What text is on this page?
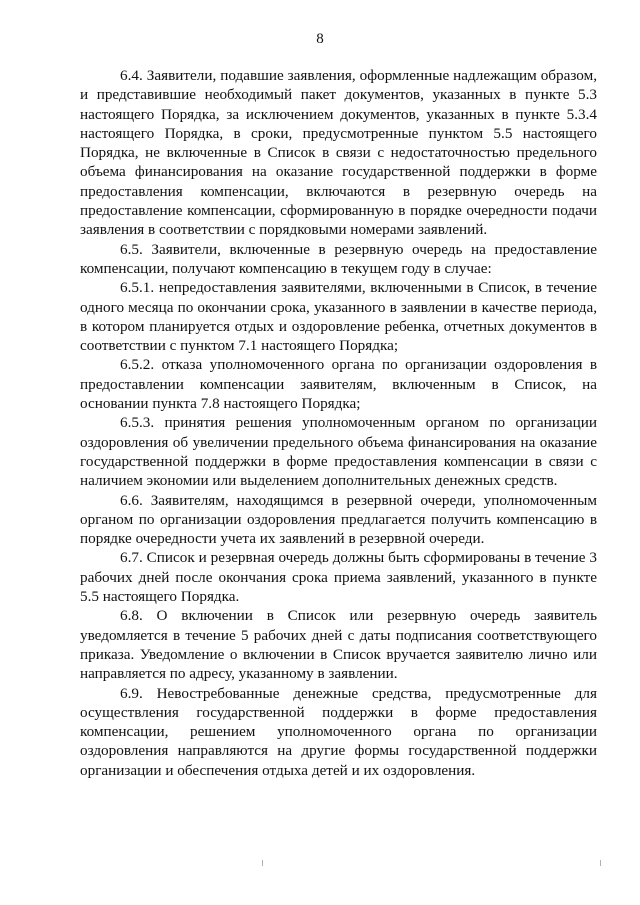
8

6.4. Заявители, подавшие заявления, оформленные надлежащим образом, и представившие необходимый пакет документов, указанных в пункте 5.3 настоящего Порядка, за исключением документов, указанных в пункте 5.3.4 настоящего Порядка, в сроки, предусмотренные пунктом 5.5 настоящего Порядка, не включенные в Список в связи с недостаточностью предельного объема финансирования на оказание государственной поддержки в форме предоставления компенсации, включаются в резервную очередь на предоставление компенсации, сформированную в порядке очередности подачи заявления в соответствии с порядковыми номерами заявлений.

6.5. Заявители, включенные в резервную очередь на предоставление компенсации, получают компенсацию в текущем году в случае:

6.5.1. непредоставления заявителями, включенными в Список, в течение одного месяца по окончании срока, указанного в заявлении в качестве периода, в котором планируется отдых и оздоровление ребенка, отчетных документов в соответствии с пунктом 7.1 настоящего Порядка;

6.5.2. отказа уполномоченного органа по организации оздоровления в предоставлении компенсации заявителям, включенным в Список, на основании пункта 7.8 настоящего Порядка;

6.5.3. принятия решения уполномоченным органом по организации оздоровления об увеличении предельного объема финансирования на оказание государственной поддержки в форме предоставления компенсации в связи с наличием экономии или выделением дополнительных денежных средств.

6.6. Заявителям, находящимся в резервной очереди, уполномоченным органом по организации оздоровления предлагается получить компенсацию в порядке очередности учета их заявлений в резервной очереди.

6.7. Список и резервная очередь должны быть сформированы в течение 3 рабочих дней после окончания срока приема заявлений, указанного в пункте 5.5 настоящего Порядка.

6.8. О включении в Список или резервную очередь заявитель уведомляется в течение 5 рабочих дней с даты подписания соответствующего приказа. Уведомление о включении в Список вручается заявителю лично или направляется по адресу, указанному в заявлении.

6.9. Невостребованные денежные средства, предусмотренные для осуществления государственной поддержки в форме предоставления компенсации, решением уполномоченного органа по организации оздоровления направляются на другие формы государственной поддержки организации и обеспечения отдыха детей и их оздоровления.
